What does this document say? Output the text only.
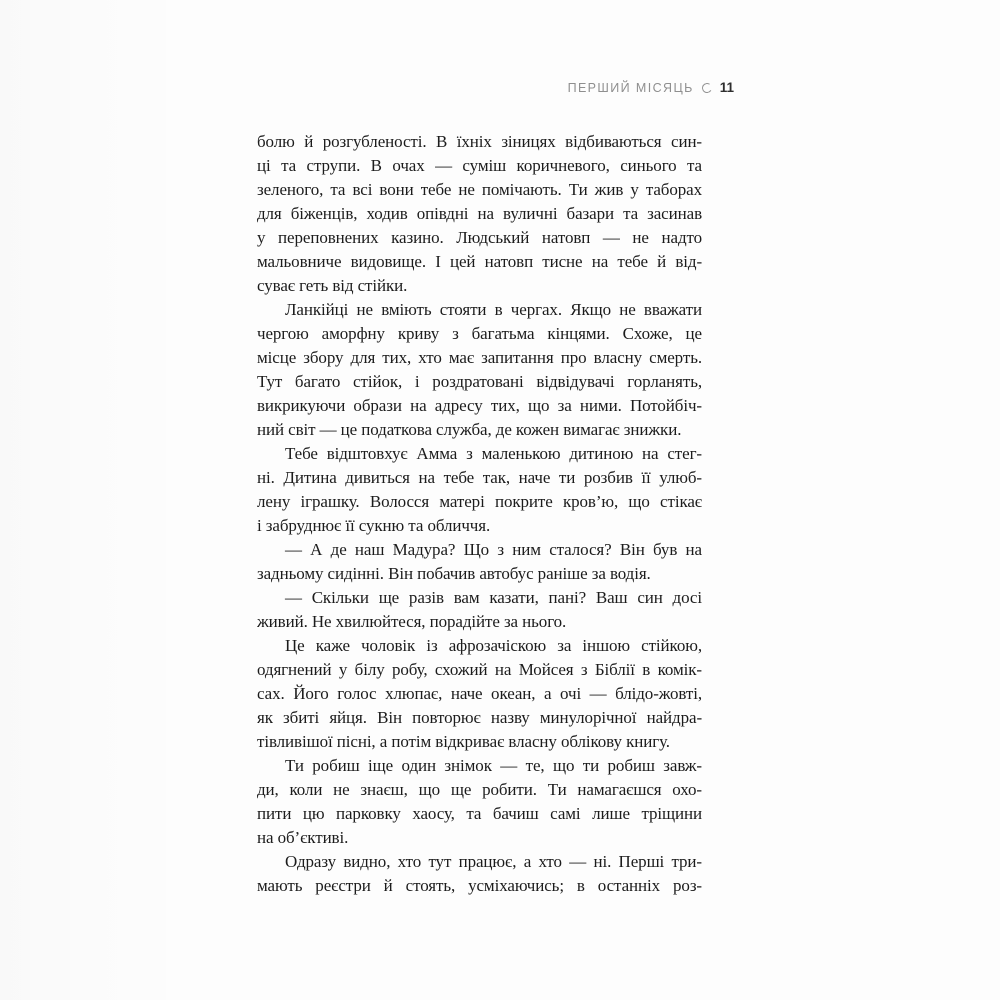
ПЕРШИЙ МІСЯЦЬ 11
болю й розгубленості. В їхніх зіницях відбиваються син-
ці та струпи. В очах — суміш коричневого, синього та
зеленого, та всі вони тебе не помічають. Ти жив у таборах
для біженців, ходив опівдні на вуличні базари та засинав
у переповнених казино. Людський натовп — не надто
мальовниче видовище. І цей натовп тисне на тебе й від-
суває геть від стійки.
Ланкійці не вміють стояти в чергах. Якщо не вважати
чергою аморфну криву з багатьма кінцями. Схоже, це
місце збору для тих, хто має запитання про власну смерть.
Тут багато стійок, і роздратовані відвідувачі горланять,
викрикуючи образи на адресу тих, що за ними. Потойбіч-
ний світ — це податкова служба, де кожен вимагає знижки.
Тебе відштовхує Амма з маленькою дитиною на стег-
ні. Дитина дивиться на тебе так, наче ти розбив її улюб-
лену іграшку. Волосся матері покрите кров’ю, що стікає
і забруднює її сукню та обличчя.
— А де наш Мадура? Що з ним сталося? Він був на
задньому сидінні. Він побачив автобус раніше за водія.
— Скільки ще разів вам казати, пані? Ваш син досі
живий. Не хвилюйтеся, порадійте за нього.
Це каже чоловік із афрозачіскою за іншою стійкою,
одягнений у білу робу, схожий на Мойсея з Біблії в комік-
сах. Його голос хлюпає, наче океан, а очі — блідо-жовті,
як збиті яйця. Він повторює назву минулорічної найдра-
тівливішої пісні, а потім відкриває власну облікову книгу.
Ти робиш іще один знімок — те, що ти робиш завж-
ди, коли не знаєш, що ще робити. Ти намагаєшся охо-
пити цю парковку хаосу, та бачиш самі лише тріщини
на об’єктиві.
Одразу видно, хто тут працює, а хто — ні. Перші три-
мають реєстри й стоять, усміхаючись; в останніх роз-
